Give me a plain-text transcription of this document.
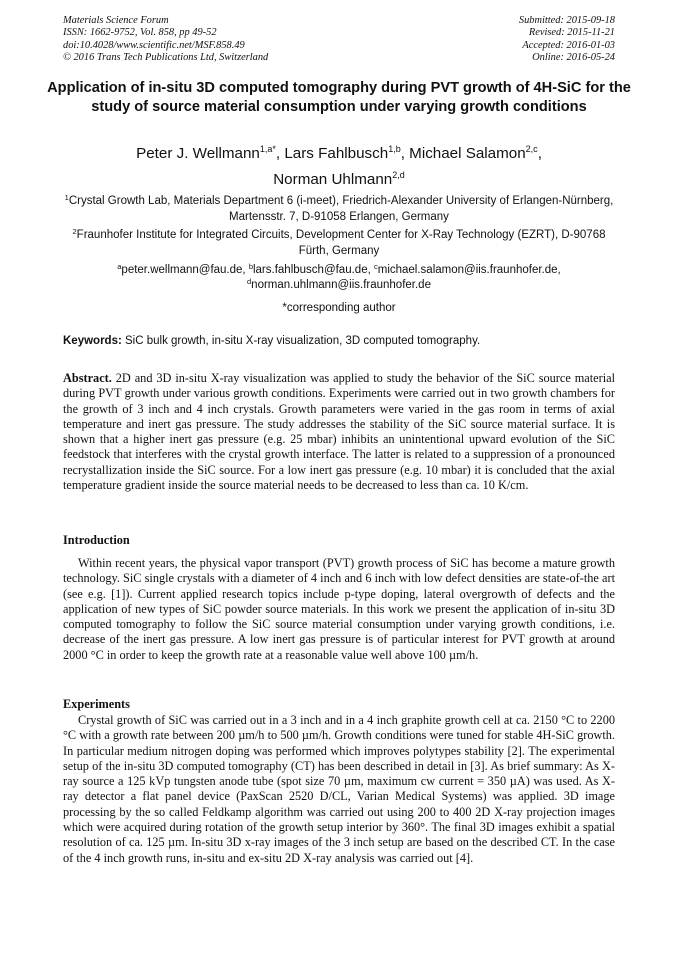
Materials Science Forum
ISSN: 1662-9752, Vol. 858, pp 49-52
doi:10.4028/www.scientific.net/MSF.858.49
© 2016 Trans Tech Publications Ltd, Switzerland
Submitted: 2015-09-18
Revised: 2015-11-21
Accepted: 2016-01-03
Online: 2016-05-24
Application of in-situ 3D computed tomography during PVT growth of 4H-SiC for the study of source material consumption under varying growth conditions
Peter J. Wellmann$^{1,a*}$, Lars Fahlbusch$^{1,b}$, Michael Salamon$^{2,c}$,
Norman Uhlmann$^{2,d}$
$^1$Crystal Growth Lab, Materials Department 6 (i-meet), Friedrich-Alexander University of Erlangen-Nürnberg, Martensstr. 7, D-91058 Erlangen, Germany
$^2$Fraunhofer Institute for Integrated Circuits, Development Center for X-Ray Technology (EZRT), D-90768 Fürth, Germany
$^a$peter.wellmann@fau.de, $^b$lars.fahlbusch@fau.de, $^c$michael.salamon@iis.fraunhofer.de,
$^d$norman.uhlmann@iis.fraunhofer.de
*corresponding author
Keywords: SiC bulk growth, in-situ X-ray visualization, 3D computed tomography.
Abstract. 2D and 3D in-situ X-ray visualization was applied to study the behavior of the SiC source material during PVT growth under various growth conditions. Experiments were carried out in two growth chambers for the growth of 3 inch and 4 inch crystals. Growth parameters were varied in the gas room in terms of axial temperature and inert gas pressure. The study addresses the stability of the SiC source material surface. It is shown that a higher inert gas pressure (e.g. 25 mbar) inhibits an unintentional upward evolution of the SiC feedstock that interferes with the crystal growth interface. The latter is related to a suppression of a pronounced recrystallization inside the SiC source. For a low inert gas pressure (e.g. 10 mbar) it is concluded that the axial temperature gradient inside the source material needs to be decreased to less than ca. 10 K/cm.
Introduction
Within recent years, the physical vapor transport (PVT) growth process of SiC has become a mature growth technology. SiC single crystals with a diameter of 4 inch and 6 inch with low defect densities are state-of-the art (see e.g. [1]). Current applied research topics include p-type doping, lateral overgrowth of defects and the application of new types of SiC powder source materials. In this work we present the application of in-situ 3D computed tomography to follow the SiC source material consumption under varying growth conditions, i.e. decrease of the inert gas pressure. A low inert gas pressure is of particular interest for PVT growth at around 2000 °C in order to keep the growth rate at a reasonable value well above 100 µm/h.
Experiments
Crystal growth of SiC was carried out in a 3 inch and in a 4 inch graphite growth cell at ca. 2150 °C to 2200 °C with a growth rate between 200 µm/h to 500 µm/h. Growth conditions were tuned for stable 4H-SiC growth. In particular medium nitrogen doping was performed which improves polytypes stability [2]. The experimental setup of the in-situ 3D computed tomography (CT) has been described in detail in [3]. As brief summary: As X-ray source a 125 kVp tungsten anode tube (spot size 70 µm, maximum cw current = 350 µA) was used. As X-ray detector a flat panel device (PaxScan 2520 D/CL, Varian Medical Systems) was applied. 3D image processing by the so called Feldkamp algorithm was carried out using 200 to 400 2D X-ray projection images which were acquired during rotation of the growth setup interior by 360°. The final 3D images exhibit a spatial resolution of ca. 125 µm. In-situ 3D x-ray images of the 3 inch setup are based on the described CT. In the case of the 4 inch growth runs, in-situ and ex-situ 2D X-ray analysis was carried out [4].
